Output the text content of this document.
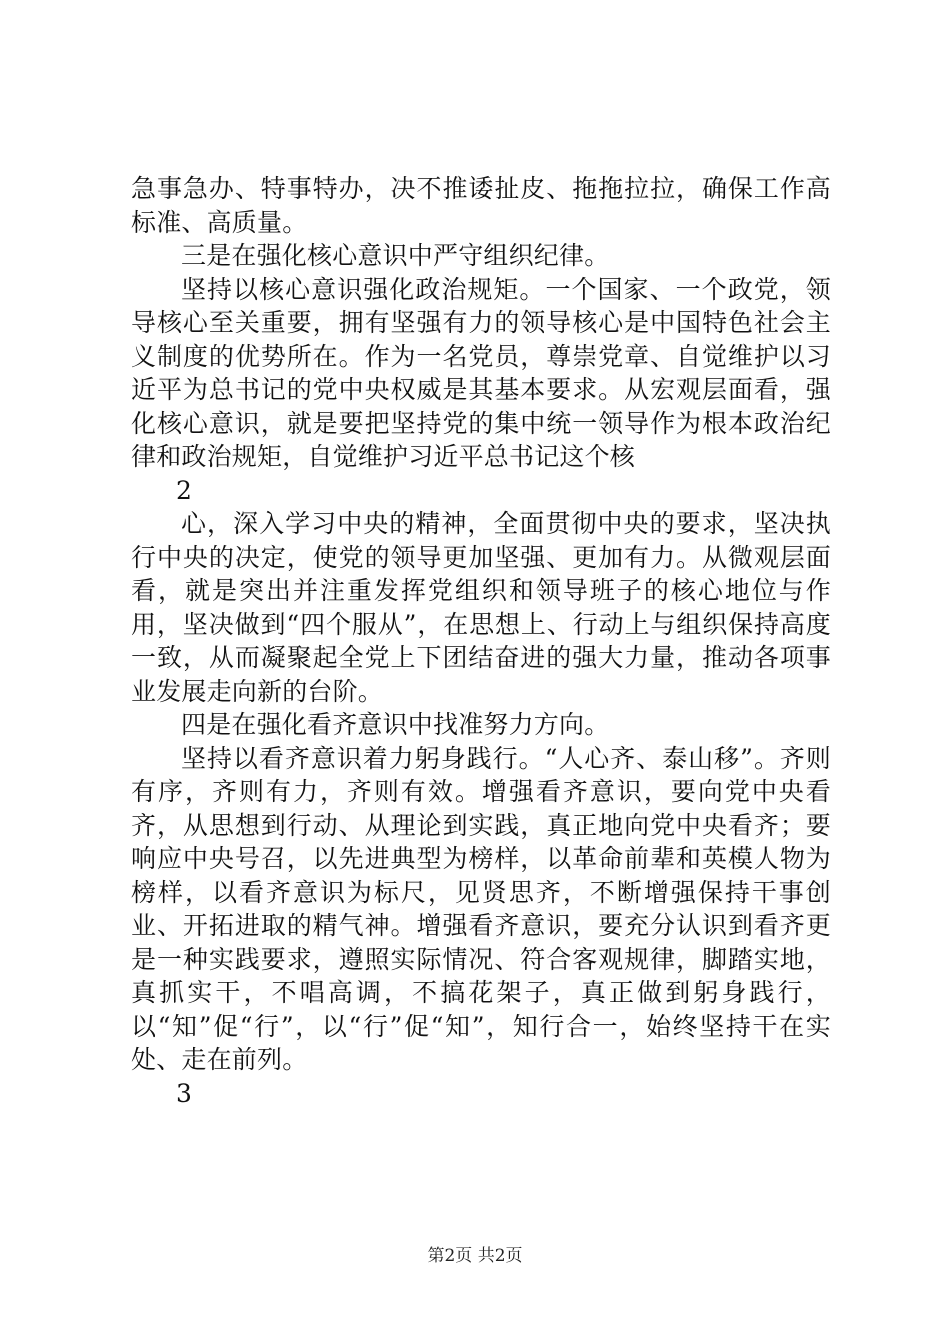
急事急办、特事特办，决不推诿扯皮、拖拖拉拉，确保工作高标准、高质量。

三是在强化核心意识中严守组织纪律。

坚持以核心意识强化政治规矩。一个国家、一个政党，领导核心至关重要，拥有坚强有力的领导核心是中国特色社会主义制度的优势所在。作为一名党员，尊崇党章、自觉维护以习近平为总书记的党中央权威是其基本要求。从宏观层面看，强化核心意识，就是要把坚持党的集中统一领导作为根本政治纪律和政治规矩，自觉维护习近平总书记这个核

2

心，深入学习中央的精神，全面贯彻中央的要求，坚决执行中央的决定，使党的领导更加坚强、更加有力。从微观层面看，就是突出并注重发挥党组织和领导班子的核心地位与作用，坚决做到“四个服从”，在思想上、行动上与组织保持高度一致，从而凝聚起全党上下团结奋进的强大力量，推动各项事业发展走向新的台阶。

四是在强化看齐意识中找准努力方向。

坚持以看齐意识着力躬身践行。“人心齐、泰山移”。齐则有序，齐则有力，齐则有效。增强看齐意识，要向党中央看齐，从思想到行动、从理论到实践，真正地向党中央看齐；要响应中央号召，以先进典型为榜样，以革命前辈和英模人物为榜样，以看齐意识为标尺，见贤思齐，不断增强保持干事创业、开拓进取的精气神。增强看齐意识，要充分认识到看齐更是一种实践要求，遵照实际情况、符合客观规律，脚踏实地，真抓实干，不唱高调，不搞花架子，真正做到躬身践行，以“知”促“行”，以“行”促“知”，知行合一，始终坚持干在实处、走在前列。

3

第2页 共2页
